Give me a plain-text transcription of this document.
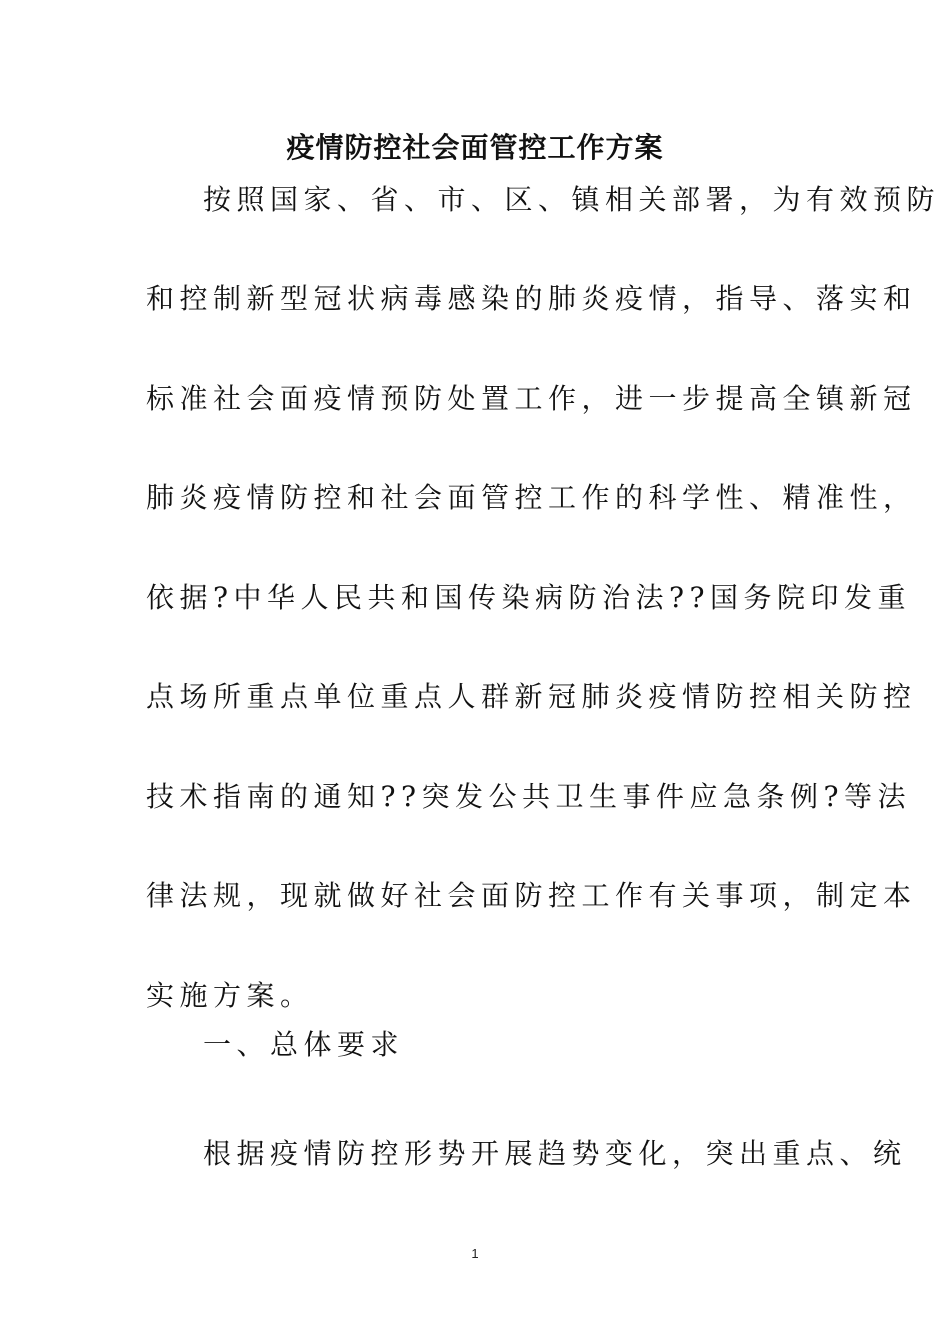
疫情防控社会面管控工作方案
按照国家、省、市、区、镇相关部署，为有效预防
和控制新型冠状病毒感染的肺炎疫情，指导、落实和
标准社会面疫情预防处置工作，进一步提高全镇新冠
肺炎疫情防控和社会面管控工作的科学性、精准性，
依据?中华人民共和国传染病防治法??国务院印发重
点场所重点单位重点人群新冠肺炎疫情防控相关防控
技术指南的通知??突发公共卫生事件应急条例?等法
律法规，现就做好社会面防控工作有关事项，制定本
实施方案。
一、总体要求
根据疫情防控形势开展趋势变化，突出重点、统
1
